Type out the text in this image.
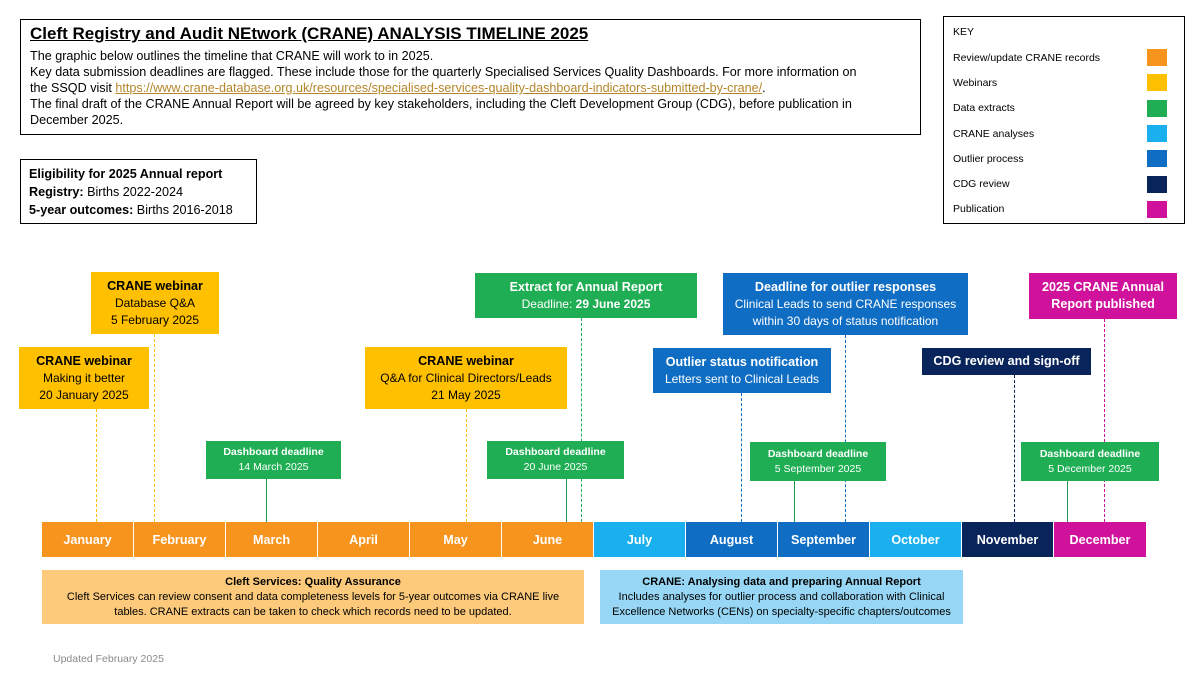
Cleft Registry and Audit NEtwork (CRANE) ANALYSIS TIMELINE 2025
The graphic below outlines the timeline that CRANE will work to in 2025.
Key data submission deadlines are flagged. These include those for the quarterly Specialised Services Quality Dashboards. For more information on
the SSQD visit https://www.crane-database.org.uk/resources/specialised-services-quality-dashboard-indicators-submitted-by-crane/.
The final draft of the CRANE Annual Report will be agreed by key stakeholders, including the Cleft Development Group (CDG), before publication in
December 2025.
Eligibility for 2025 Annual report
Registry: Births 2022-2024
5-year outcomes: Births 2016-2018
KEY
Review/update CRANE records
Webinars
Data extracts
CRANE analyses
Outlier process
CDG review
Publication
CRANE webinar
Database Q&A
5 February 2025
CRANE webinar
Making it better
20 January 2025
CRANE webinar
Q&A for Clinical Directors/Leads
21 May 2025
Extract for Annual Report
Deadline: 29 June 2025
Deadline for outlier responses
Clinical Leads to send CRANE responses
within 30 days of status notification
Outlier status notification
Letters sent to Clinical Leads
CDG review and sign-off
2025 CRANE Annual
Report published
Dashboard deadline
14 March 2025
Dashboard deadline
20 June 2025
Dashboard deadline
5 September 2025
Dashboard deadline
5 December 2025
January	February	March	April	May	June	July	August	September	October	November	December
Cleft Services: Quality Assurance
Cleft Services can review consent and data completeness levels for 5-year outcomes via CRANE live
tables. CRANE extracts can be taken to check which records need to be updated.
CRANE: Analysing data and preparing Annual Report
Includes analyses for outlier process and collaboration with Clinical
Excellence Networks (CENs) on specialty-specific chapters/outcomes
Updated February 2025
